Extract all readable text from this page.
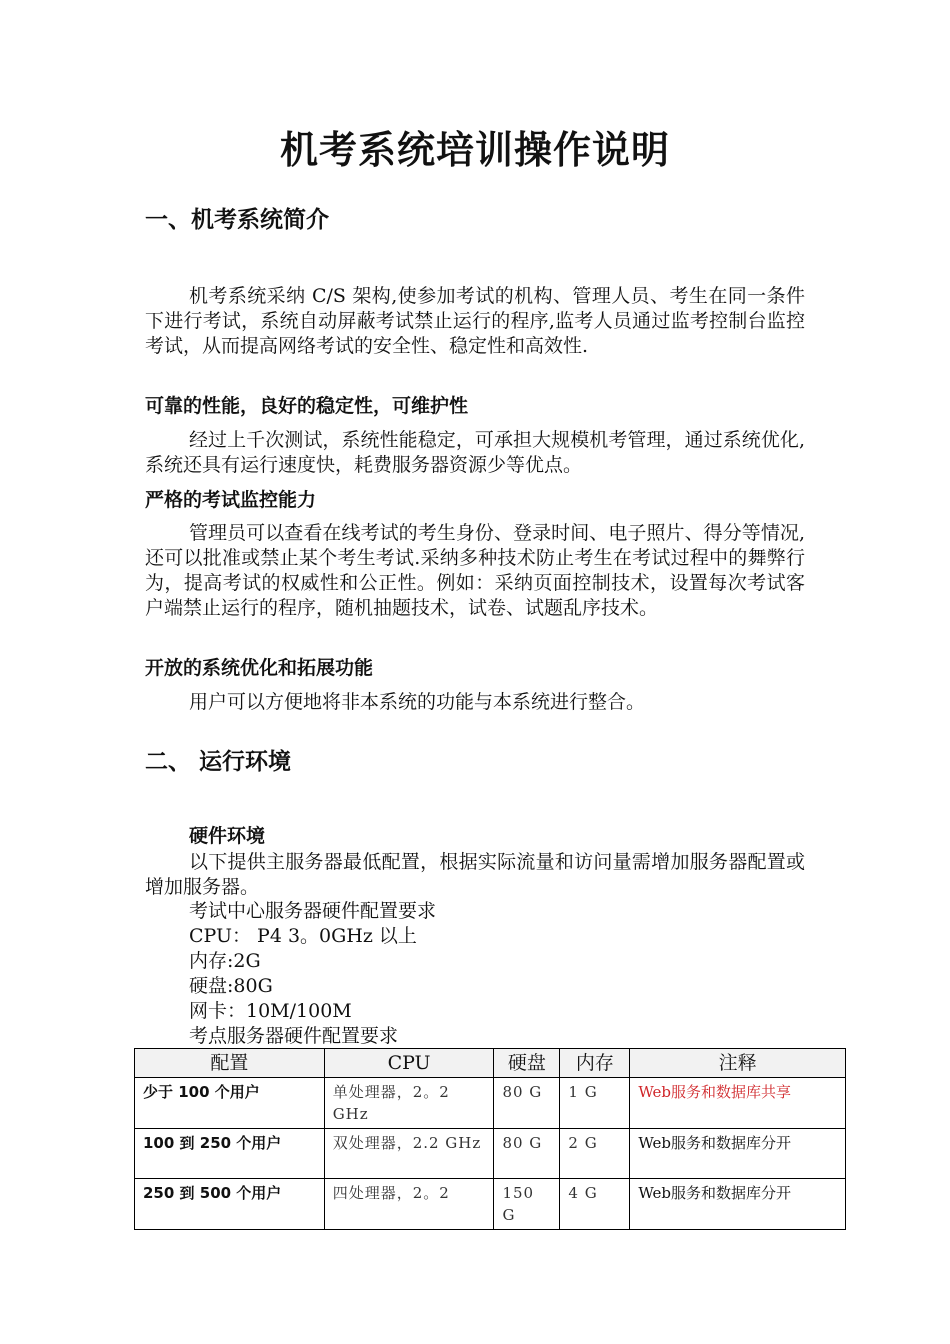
机考系统培训操作说明
一、机考系统简介

机考系统采纳 C/S 架构,使参加考试的机构、管理人员、考生在同一条件下进行考试，系统自动屏蔽考试禁止运行的程序,监考人员通过监考控制台监控考试，从而提高网络考试的安全性、稳定性和高效性.

可靠的性能，良好的稳定性，可维护性

经过上千次测试，系统性能稳定，可承担大规模机考管理，通过系统优化,系统还具有运行速度快，耗费服务器资源少等优点。

严格的考试监控能力

管理员可以查看在线考试的考生身份、登录时间、电子照片、得分等情况,还可以批准或禁止某个考生考试.采纳多种技术防止考生在考试过程中的舞弊行为，提高考试的权威性和公正性。例如：采纳页面控制技术，设置每次考试客户端禁止运行的程序，随机抽题技术，试卷、试题乱序技术。

开放的系统优化和拓展功能

用户可以方便地将非本系统的功能与本系统进行整合。

二、 运行环境
硬件环境

以下提供主服务器最低配置，根据实际流量和访问量需增加服务器配置或增加服务器。

考试中心服务器硬件配置要求
CPU： P4 3。0GHz 以上
内存:2G
硬盘:80G
网卡：10M/100M
考点服务器硬件配置要求
配置	CPU	硬盘	内存	注释
少于 100 个用户	单处理器，2。2 GHz	80 G	1 G	Web服务和数据库共享
100 到 250 个用户	双处理器，2.2 GHz	80 G	2 G	Web服务和数据库分开
250 到 500 个用户	四处理器，2。2	150 G	4 G	Web服务和数据库分开
